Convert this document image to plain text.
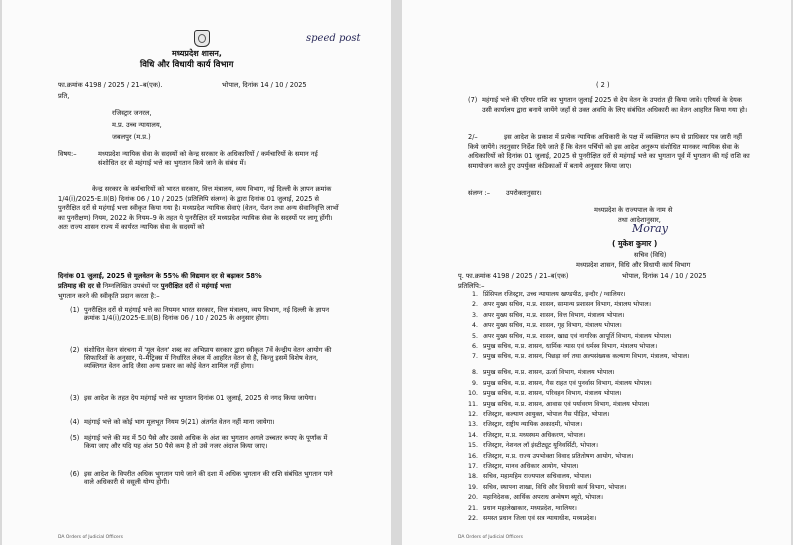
speed post
मध्यप्रदेश शासन,
विधि और विधायी कार्य विभाग
फा.क्रमांक 4198 / 2025 / 21–ब(एक).	भोपाल, दिनांक 14 / 10 / 2025
प्रति,
रजिस्ट्रार जनरल,
म.प्र. उच्च न्यायालय,
जबलपुर (म.प्र.)
विषय:–	मध्यप्रदेश न्यायिक सेवा के सदस्यों को केन्द्र सरकार के अधिकारियों / कर्मचारियों के समान नई संशोधित दर से महंगाई भत्ते का भुगतान किये जाने के संबंध में।
केन्द्र सरकार के कर्मचारियों को भारत सरकार, वित्त मंत्रालय, व्यय विभाग, नई दिल्ली के ज्ञापन क्रमांक 1/4(i)/2025-E.II(B) दिनांक 06 / 10 / 2025 (प्रतिलिपि संलग्न) के द्वारा दिनांक 01 जुलाई, 2025 से पुनरीक्षित दरों से महंगाई भत्ता स्वीकृत किया गया है। मध्यप्रदेश न्यायिक सेवाएं (वेतन, पेंशन तथा अन्य सेवानिवृत्ति लाभों का पुनरीक्षण) नियम, 2022 के नियम–9 के तहत ये पुनरीक्षित दरें मध्यप्रदेश न्यायिक सेवा के सदस्यों पर लागू होंगी। अतः राज्य शासन राज्य में कार्यरत न्यायिक सेवा के सदस्यों को
दिनांक 01 जुलाई, 2025 से मूलवेतन के 55% की विद्यमान दर से बढ़ाकर 58%
प्रतिमाह की दर से निम्नलिखित उपबंधों पर पुनरीक्षित दरों से महंगाई भत्ता
भुगतान करने की स्वीकृति प्रदान करता है:–
(1) पुनरीक्षित दरों से महंगाई भत्ते का नियमन भारत सरकार, वित्त मंत्रालय, व्यय विभाग, नई दिल्ली के ज्ञापन क्रमांक 1/4(i)/2025-E.II(B) दिनांक 06 / 10 / 2025 के अनुसार होगा।
(2) संशोधित वेतन संरचना में 'मूल वेतन' शब्द का अभिप्राय सरकार द्वारा स्वीकृत 7वें केन्द्रीय वेतन आयोग की सिफारिशों के अनुसार, पे–मैट्रिक्स में निर्धारित लेवल में आहरित वेतन से है, किन्तु इसमें विशेष वेतन, व्यक्तिगत वेतन आदि जैसा अन्य प्रकार का कोई वेतन शामिल नहीं होगा।
(3) इस आदेश के तहत देय महंगाई भत्ते का भुगतान दिनांक 01 जुलाई, 2025 से नगद किया जायेगा।
(4) महंगाई भत्ते को कोई भाग मूलभूत नियम 9(21) अंतर्गत वेतन नहीं माना जायेगा।
(5) महंगाई भत्ते की मद में 50 पैसे और उससे अधिक के अंश का भुगतान अगले उच्चतर रूपए के पूर्णांक में किया जाए और यदि यह अंश 50 पैसे कम है तो उसे नजर अंदाज किया जाए।
(6) इस आदेश के विपरीत अधिक भुगतान पाये जाने की दशा में अधिक भुगतान की राशि संबंधित भुगतान पाने वाले अधिकारी से वसूली योग्य होगी।
DA Orders of Judicial Officers
( 2 )
(7) महंगाई भत्ते की एरियर राशि का भुगतान जुलाई 2025 से देय वेतन के उपरांत ही किया जावे। एरियर्स के देयक उसी कार्यालय द्वारा बनाये जायेंगे जहाँ से उक्त अवधि के लिए संबंधित अधिकारी का वेतन आहरित किया गया हो।
2/–	इस आदेश के प्रकाश में प्रत्येक न्यायिक अधिकारी के पक्ष में व्यक्तिगत रूप से प्राधिकार पत्र जारी नहीं किये जायेंगे। तदनुसार निर्देश दिये जाते हैं कि वेतन पर्चियों को इस आदेश अनुरूप संशोधित मानकर न्यायिक सेवा के अधिकारियों को दिनांक 01 जुलाई, 2025 से पुनरीक्षित दरों से महंगाई भत्ते का भुगतान पूर्व में भुगतान की गई राशि का समायोजन करते हुए उपर्युक्त कंडिकाओं में बताये अनुसार किया जाए।
संलग्न :– उपरोक्तानुसार।
मध्यप्रदेश के राज्यपाल के नाम से
तथा आदेशानुसार,
Moray
( मुकेश कुमार )
सचिव (विधि)
मध्यप्रदेश शासन, विधि और विधायी कार्य विभाग
पृ. फा.क्रमांक 4198 / 2025 / 21–ब(एक)	भोपाल, दिनांक 14 / 10 / 2025
प्रतिलिपि:–
1. प्रिंसिपल रजिस्ट्रार, उच्च न्यायालय खण्डपीठ, इन्दौर / ग्वालियर।
2. अपर मुख्य सचिव, म.प्र. शासन, सामान्य प्रशासन विभाग, मंत्रालय भोपाल।
3. अपर मुख्य सचिव, म.प्र. शासन, वित्त विभाग, मंत्रालय भोपाल।
4. अपर मुख्य सचिव, म.प्र. शासन, गृह विभाग, मंत्रालय भोपाल।
5. अपर मुख्य सचिव, म.प्र. शासन, खाद्य एवं नागरिक आपूर्ति विभाग, मंत्रालय भोपाल।
6. प्रमुख सचिव, म.प्र. शासन, धार्मिक न्यास एवं धर्मस्व विभाग, मंत्रालय भोपाल।
7. प्रमुख सचिव, म.प्र. शासन, पिछड़ा वर्ग तथा अल्पसंख्यक कल्याण विभाग, मंत्रालय, भोपाल।
8. प्रमुख सचिव, म.प्र. शासन, ऊर्जा विभाग, मंत्रालय भोपाल।
9. प्रमुख सचिव, म.प्र. शासन, गैस राहत एवं पुनर्वास विभाग, मंत्रालय भोपाल।
10. प्रमुख सचिव, म.प्र. शासन, परिवहन विभाग, मंत्रालय भोपाल।
11. प्रमुख सचिव, म.प्र. शासन, आवास एवं पर्यावरण विभाग, मंत्रालय भोपाल।
12. रजिस्ट्रार, कल्याण आयुक्त, भोपाल गैस पीड़ित, भोपाल।
13. रजिस्ट्रार, राष्ट्रीय न्यायिक अकादमी, भोपाल।
14. रजिस्ट्रार, म.प्र. मध्यस्थम अधिकरण, भोपाल।
15. रजिस्ट्रार, नेशनल लॉ इंस्टीट्यूट यूनिवर्सिटी, भोपाल।
16. रजिस्ट्रार, म.प्र. राज्य उपभोक्ता विवाद प्रतितोषण आयोग, भोपाल।
17. रजिस्ट्रार, मानव अधिकार आयोग, भोपाल।
18. सचिव, महामहिम राज्यपाल सचिवालय, भोपाल।
19. सचिव, स्थापना शाखा, विधि और विधायी कार्य विभाग, भोपाल।
20. महानिदेशक, आर्थिक अपराध अन्वेषण ब्यूरो, भोपाल।
21. प्रधान महालेखाकार, मध्यप्रदेश, ग्वालियर।
22. समस्त प्रधान जिला एवं सत्र न्यायाधीश, मध्यप्रदेश।
DA Orders of Judicial Officers
